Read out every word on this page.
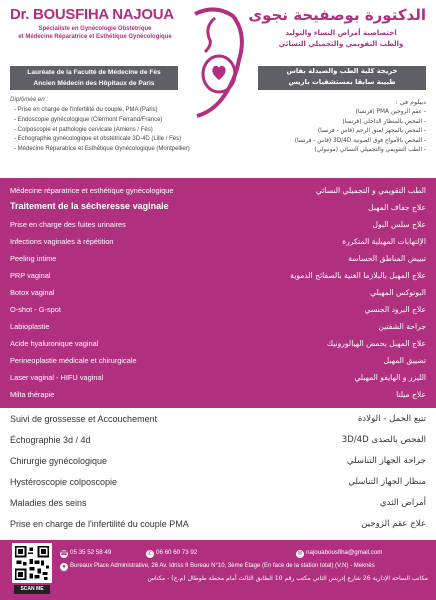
Dr. BOUSFIHA NAJOUA
Spécialiste en Gynécologie Obstétrique
et Médecine Réparatrice et Esthétique Gynécologique
Lauréate de la Faculté de Médecine de Fès
Ancien Médecin des Hôpitaux de Paris
Diplômée en :
- Prise en charge de l'infertilité du couple, PMA (Paris)
- Endoscopie gynécologique (Clermont Ferrand/France)
- Colposcopie et pathologie cervicale (Amiens / Fès)
- Echographie gynécologique et obstétricale 3D-4D (Lille / Fès)
- Médecine Réparatrice et Esthétique Gynécologique (Montpellier)
الدكتورة بوصفيحة نجوى
اختصاصية أمراض النساء والتوليد
والطب التقويمي والتجميلي النسائي
خريجة كلية الطب والصيدلة بفاس
طبيبة سابقا بمستشفيات باريس
ديبلوم في :
- عقم الزوجين PMA (فرنسا)
- الفحص بالمنظار الداخلي (فرنسا)
- الفحص بالمجهر لعنق الرحم (فاس - فرنسا)
- الفحص بالأمواج فوق الصوتية 3D/4D (فاس - فرنسا)
- الطب التقويمي والتجميلي النسائي (مونبولي)
Médecine réparatrice et esthétique gynécologique	الطب التقويمي و التجميلي النسائي
Traitement de la sécheresse vaginale	علاج جفاف المهبل
Prise en charge des fuites urinaires	علاج سلس البول
Infections vaginales à répétition	الإلتهابات المهبلية المتكررة
Peeling intime	تبييض المناطق الحساسة
PRP vaginal	علاج المهبل بالبلازما الغنية بالصفائح الدموية
Botox vaginal	البوتوكس المهبلي
O-shot - G-spot	علاج البرود الجنسي
Labioplastie	جراحة الشفتين
Acide hyaluronique vaginal	علاج المهبل بحمض الهيالورونيك
Perineoplastie médicale et chirurgicale	تضييق المهبل
Laser vaginal - HIFU vaginal	الليزر و الهايفو المهبلي
Milta thérapie	علاج ميلتا
Suivi de grossesse et Accouchement	تتبع الحمل - الولادة
Échographie 3d / 4d	الفحص بالصدى 3D/4D
Chirurgie gynécologique	جراحة الجهاز التناسلي
Hystéroscopie colposcopie	منظار الجهاز التناسلي
Maladies des seins	أمراض الثدي
Prise en charge de l'infertilité du couple PMA	علاج عقم الزوجين
SCAN ME
☎ 05 35 52 58 49	✆ 06 60 60 73 92	✉ najouabousfiha@gmail.com
● Bureaux Place Administrative, 26 Av. Idriss II Bureau N°10, 3ème Etage (En face de la station total) (V.N) - Meknès
مكاتب الساحة الإدارية 26 شارع إدريس الثاني مكتب رقم 10 الطابق الثالث أمام محطة طوطال (م.ج) - مكناس
